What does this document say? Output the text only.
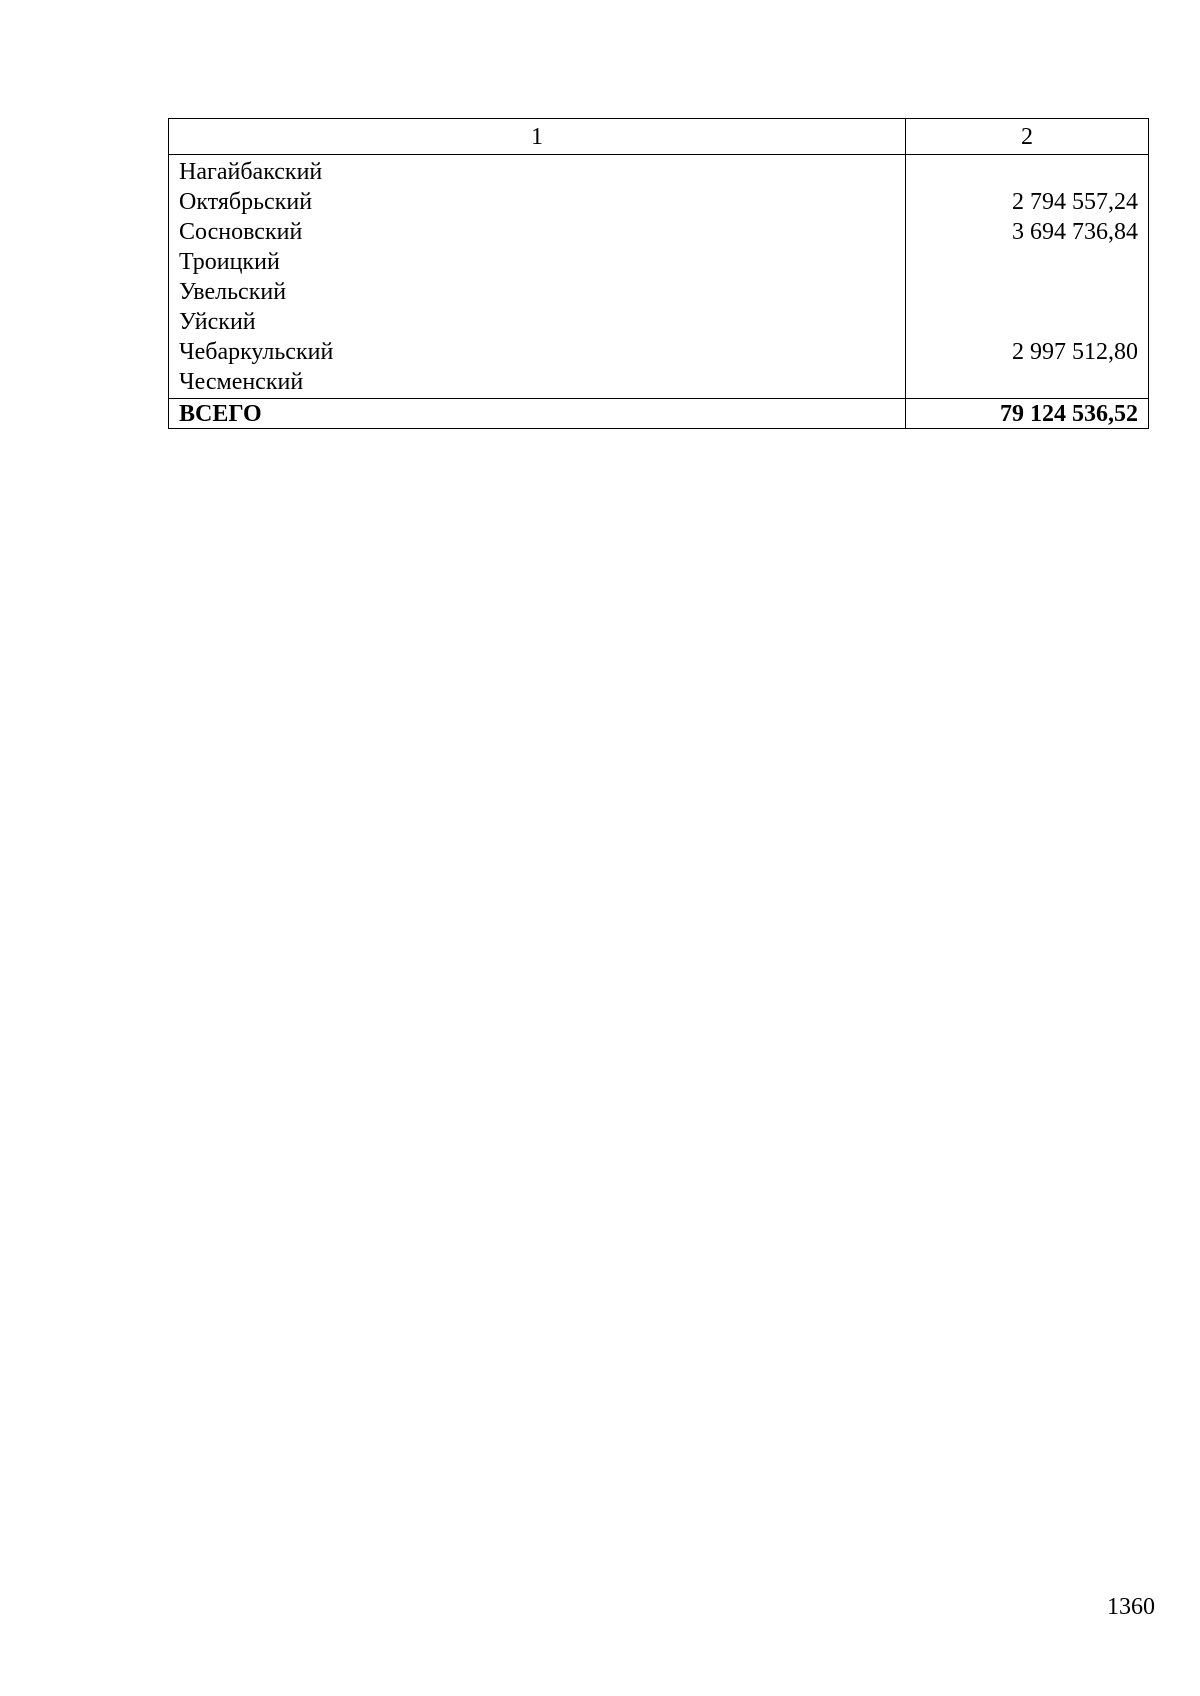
1	2
Нагайбакский	
Октябрьский	2 794 557,24
Сосновский	3 694 736,84
Троицкий	
Увельский	
Уйский	
Чебаркульский	2 997 512,80
Чесменский	
ВСЕГО	79 124 536,52
1360
